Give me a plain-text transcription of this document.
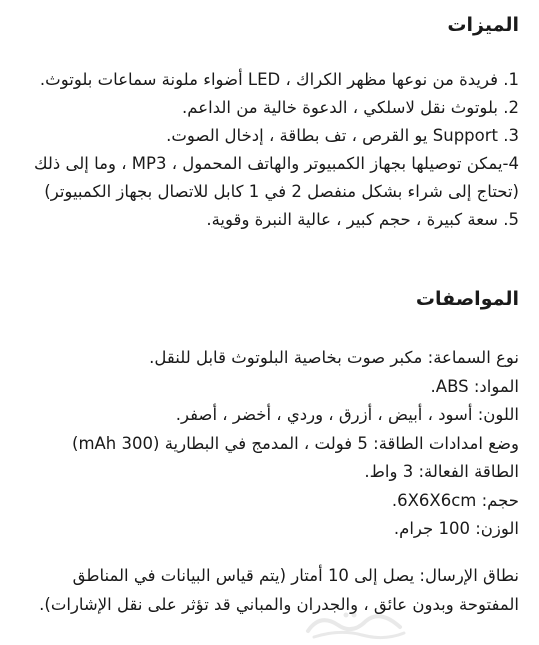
الميزات
1. فريدة من نوعها مظهر الكراك ، LED أضواء ملونة سماعات بلوتوث.
2. بلوتوث نقل لاسلكي ، الدعوة خالية من الداعم.
3. Support يو القرص ، تف بطاقة ، إدخال الصوت.
4-يمكن توصيلها بجهاز الكمبيوتر والهاتف المحمول ، MP3 ، وما إلى ذلك (تحتاج إلى شراء بشكل منفصل 2 في 1 كابل للاتصال بجهاز الكمبيوتر)
5. سعة كبيرة ، حجم كبير ، عالية النبرة وقوية.
المواصفات

نوع السماعة: مكبر صوت بخاصية البلوتوث قابل للنقل.

المواد: ABS.

اللون: أسود ، أبيض ، أزرق ، وردي ، أخضر ، أصفر.

وضع امدادات الطاقة: 5 فولت ، المدمج في البطارية (300 mAh)

الطاقة الفعالة: 3 واط.

حجم: 6X6X6cm.

الوزن: 100 جرام.

نطاق الإرسال: يصل إلى 10 أمتار (يتم قياس البيانات في المناطق المفتوحة وبدون عائق ، والجدران والمباني قد تؤثر على نقل الإشارات).
